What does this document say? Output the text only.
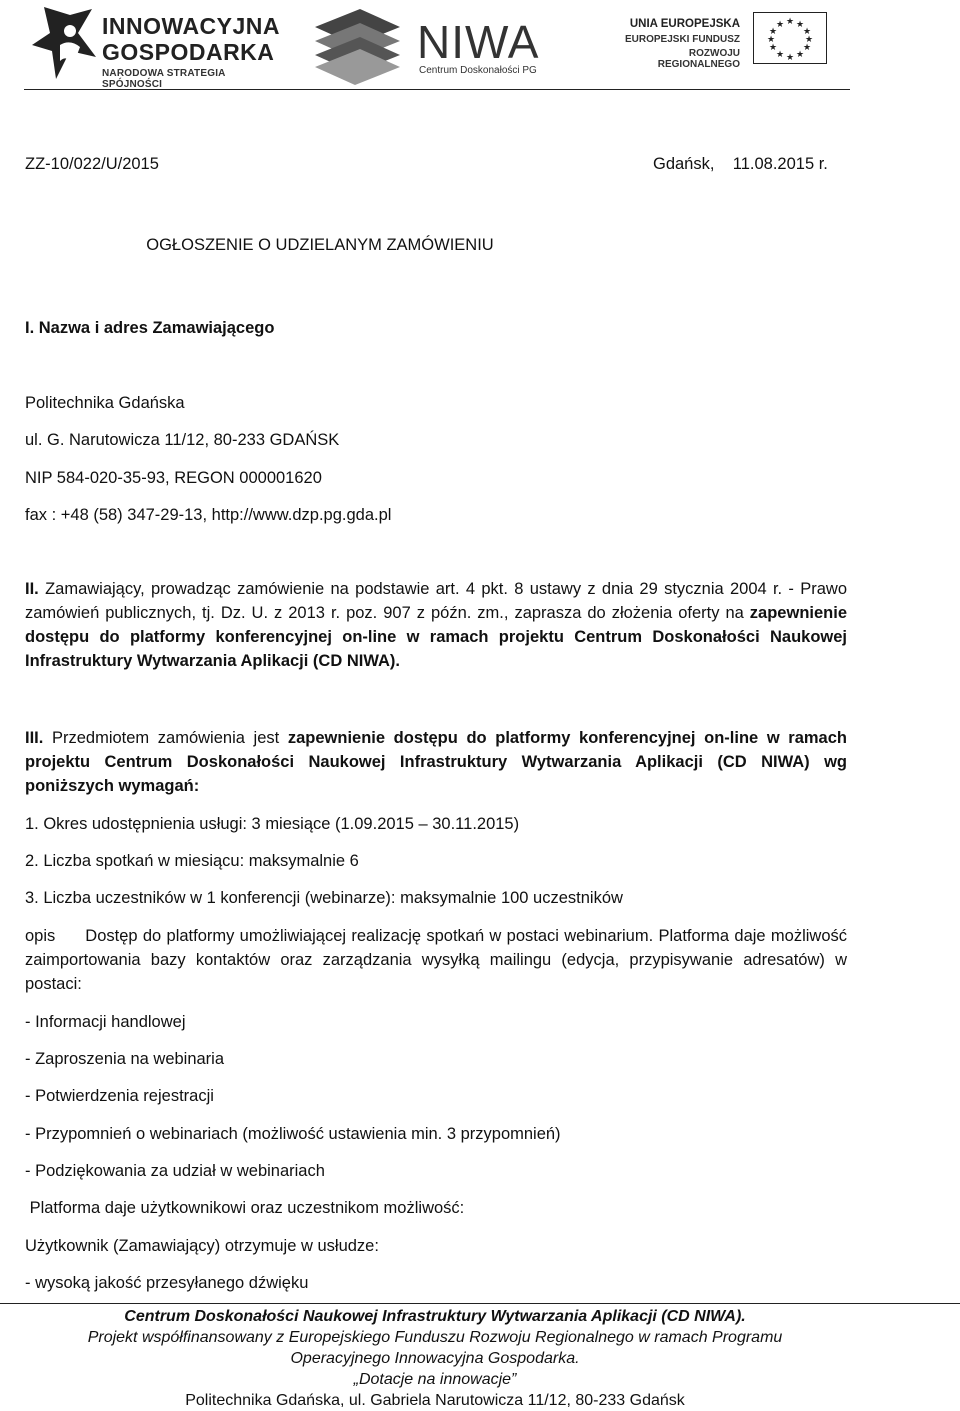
INNOWACYJNA
GOSPODARKA
NARODOWA STRATEGIA SPÓJNOŚCI
NIWA
Centrum Doskonałości PG
UNIA EUROPEJSKA
EUROPEJSKI FUNDUSZ
ROZWOJU REGIONALNEGO
★ ★
★
★
★
★
★
★
★
★
★
★
ZZ-10/022/U/2015	Gdańsk,    11.08.2015 r.
OGŁOSZENIE O UDZIELANYM ZAMÓWIENIU
I. Nazwa i adres Zamawiającego
Politechnika Gdańska
ul. G. Narutowicza 11/12, 80-233 GDAŃSK
NIP 584-020-35-93, REGON 000001620
fax : +48 (58) 347-29-13, http://www.dzp.pg.gda.pl
II. Zamawiający, prowadząc zamówienie na podstawie art. 4 pkt. 8 ustawy z dnia 29 stycznia 2004 r. - Prawo zamówień publicznych, tj. Dz. U. z 2013 r. poz. 907 z późn. zm., zaprasza do złożenia oferty na zapewnienie dostępu do platformy konferencyjnej on-line w ramach projektu Centrum Doskonałości Naukowej Infrastruktury Wytwarzania Aplikacji (CD NIWA).
III. Przedmiotem zamówienia jest zapewnienie dostępu do platformy konferencyjnej on-line w ramach projektu Centrum Doskonałości Naukowej Infrastruktury Wytwarzania Aplikacji (CD NIWA) wg poniższych wymagań:
1. Okres udostępnienia usługi: 3 miesiące (1.09.2015 – 30.11.2015)
2. Liczba spotkań w miesiącu: maksymalnie 6
3. Liczba uczestników w 1 konferencji (webinarze): maksymalnie 100 uczestników
opis Dostęp do platformy umożliwiającej realizację spotkań w postaci webinarium. Platforma daje możliwość zaimportowania bazy kontaktów oraz zarządzania wysyłką mailingu (edycja, przypisywanie adresatów) w postaci:
- Informacji handlowej
- Zaproszenia na webinaria
- Potwierdzenia rejestracji
- Przypomnień o webinariach (możliwość ustawienia min. 3 przypomnień)
- Podziękowania za udział w webinariach
Platforma daje użytkownikowi oraz uczestnikom możliwość:
Użytkownik (Zamawiający) otrzymuje w usłudze:
- wysoką jakość przesyłanego dźwięku
Centrum Doskonałości Naukowej Infrastruktury Wytwarzania Aplikacji (CD NIWA).
Projekt współfinansowany z Europejskiego Funduszu Rozwoju Regionalnego w ramach Programu
Operacyjnego Innowacyjna Gospodarka.
„Dotacje na innowacje”
Politechnika Gdańska, ul. Gabriela Narutowicza 11/12, 80-233 Gdańsk
